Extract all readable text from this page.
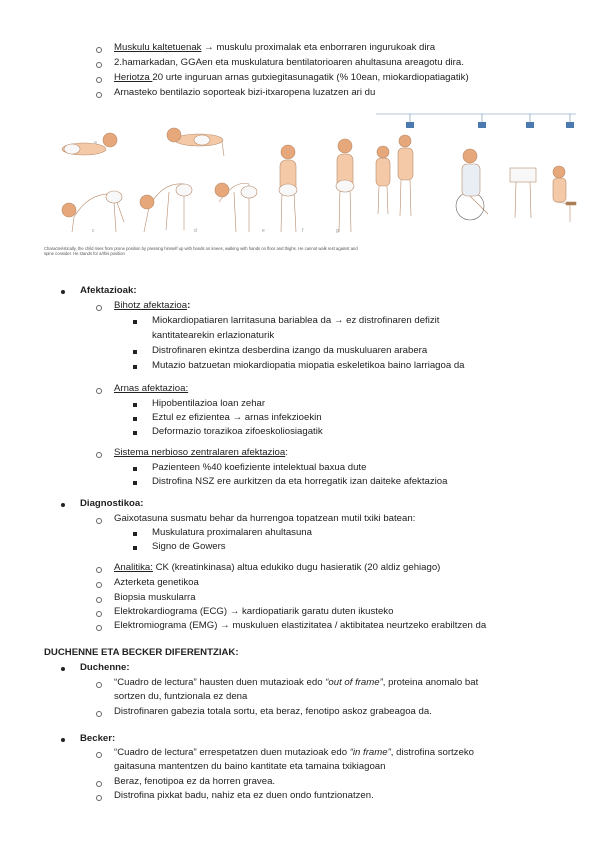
Muskulu kaltetuenak → muskulu proximalak eta enborraren ingurukoak dira
2.hamarkadan, GGAen eta muskulatura bentilatorioaren ahultasuna areagotu dira.
Heriotza 20 urte inguruan arnas gutxiegitasunagatik (% 10ean, miokardiopatiagatik)
Arnasteko bentilazio soporteak bizi-itxaropena luzatzen ari du
a
c	d	e	f	g
Characteristically, the child rises from prone position by pressing himself up with hands on knees, walking with hands on floor and thighs. He cannot walk rest against and spine consider. He stands for a/this position
Afektazioak:
Bihotz afektazioa:
Miokardiopatiaren larritasuna bariablea da → ez distrofinaren defizit
kantitatearekin erlazionaturik
Distrofinaren ekintza desberdina izango da muskuluaren arabera
Mutazio batzuetan miokardiopatia miopatia eskeletikoa baino larriagoa da
Arnas afektazioa:
Hipobentilazioa loan zehar
Eztul ez efizientea → arnas infekzioekin
Deformazio torazikoa zifoeskoliosiagatik
Sistema nerbioso zentralaren afektazioa:
Pazienteen %40 koefiziente intelektual baxua dute
Distrofina NSZ ere aurkitzen da eta horregatik izan daiteke afektazioa
Diagnostikoa:
Gaixotasuna susmatu behar da hurrengoa topatzean mutil txiki batean:
Muskulatura proximalaren ahultasuna
Signo de Gowers
Analitika: CK (kreatinkinasa) altua edukiko dugu hasieratik (20 aldiz gehiago)
Azterketa genetikoa
Biopsia muskularra
Elektrokardiograma (ECG) → kardiopatiarik garatu duten ikusteko
Elektromiograma (EMG) → muskuluen elastizitatea / aktibitatea neurtzeko erabiltzen da
DUCHENNE ETA BECKER DIFERENTZIAK:
Duchenne:
“Cuadro de lectura” hausten duen mutazioak edo “out of frame”, proteina anomalo bat
sortzen du, funtzionala ez dena
Distrofinaren gabezia totala sortu, eta beraz, fenotipo askoz grabeagoa da.
Becker:
“Cuadro de lectura” errespetatzen duen mutazioak edo “in frame”, distrofina sortzeko
gaitasuna mantentzen du baino kantitate eta tamaina txikiagoan
Beraz, fenotipoa ez da horren gravea.
Distrofina pixkat badu, nahiz eta ez duen ondo funtzionatzen.
